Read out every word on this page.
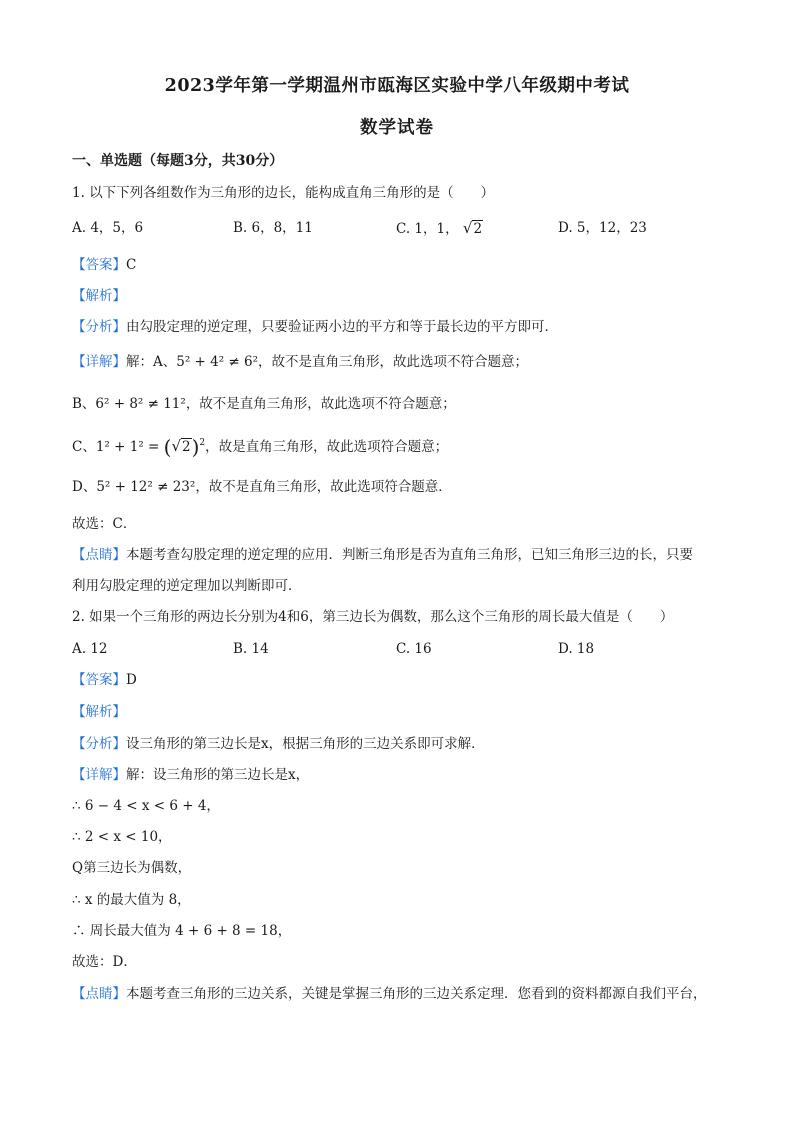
2023学年第一学期温州市瓯海区实验中学八年级期中考试
数学试卷
一、单选题（每题3分，共30分）
1. 以下下列各组数作为三角形的边长，能构成直角三角形的是（　　）
A. 4，5，6	B. 6，8，11	C. 1，1， √2	D. 5，12，23
【答案】C
【解析】
【分析】由勾股定理的逆定理，只要验证两小边的平方和等于最长边的平方即可．
【详解】解：A、5² + 4² ≠ 6²，故不是直角三角形，故此选项不符合题意；
B、6² + 8² ≠ 11²，故不是直角三角形，故此选项不符合题意；
C、$1^2 + 1^2 = (√2)^2$，故是直角三角形，故此选项符合题意；
D、5² + 12² ≠ 23²，故不是直角三角形，故此选项符合题意．
故选：C．
【点睛】本题考查勾股定理的逆定理的应用．判断三角形是否为直角三角形，已知三角形三边的长，只要
利用勾股定理的逆定理加以判断即可．
2. 如果一个三角形的两边长分别为4和6，第三边长为偶数，那么这个三角形的周长最大值是（　　）
A. 12	B. 14	C. 16	D. 18
【答案】D
【解析】
【分析】设三角形的第三边长是x，根据三角形的三边关系即可求解．
【详解】解：设三角形的第三边长是x，
∴ 6 − 4 < x < 6 + 4，
∴ 2 < x < 10，
Q第三边长为偶数，
∴ x 的最大值为 8，
∴ 周长最大值为 4 + 6 + 8 = 18，
故选：D．
【点睛】本题考查三角形的三边关系，关键是掌握三角形的三边关系定理．您看到的资料都源自我们平台，
